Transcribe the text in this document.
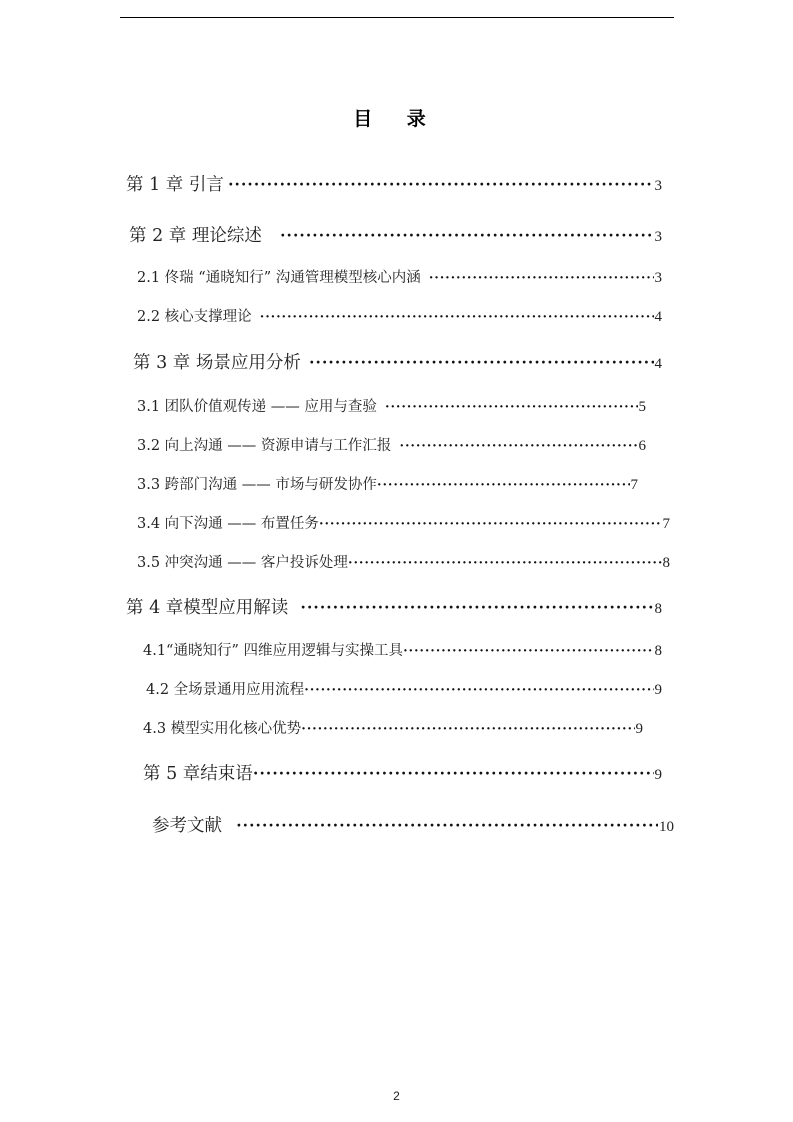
目 录
第 1 章 引言 ·····	3
第 2 章 理论综述 ·····	3
2.1 佟瑞 “通晓知行” 沟通管理模型核心内涵 ·····	3
2.2 核心支撑理论 ·····	4
第 3 章 场景应用分析 ·····	4
3.1 团队价值观传递 —— 应用与查验 ·····	5
3.2 向上沟通 —— 资源申请与工作汇报 ·····	6
3.3 跨部门沟通 —— 市场与研发协作 ·····	7
3.4 向下沟通 —— 布置任务 ·····	7
3.5 冲突沟通 —— 客户投诉处理 ·····	8
第 4 章模型应用解读 ·····	8
4.1“通晓知行” 四维应用逻辑与实操工具 ·····	8
4.2 全场景通用应用流程 ·····	9
4.3 模型实用化核心优势 ·····	9
第 5 章结束语 ·····	9
参考文献 ·····	10
2
